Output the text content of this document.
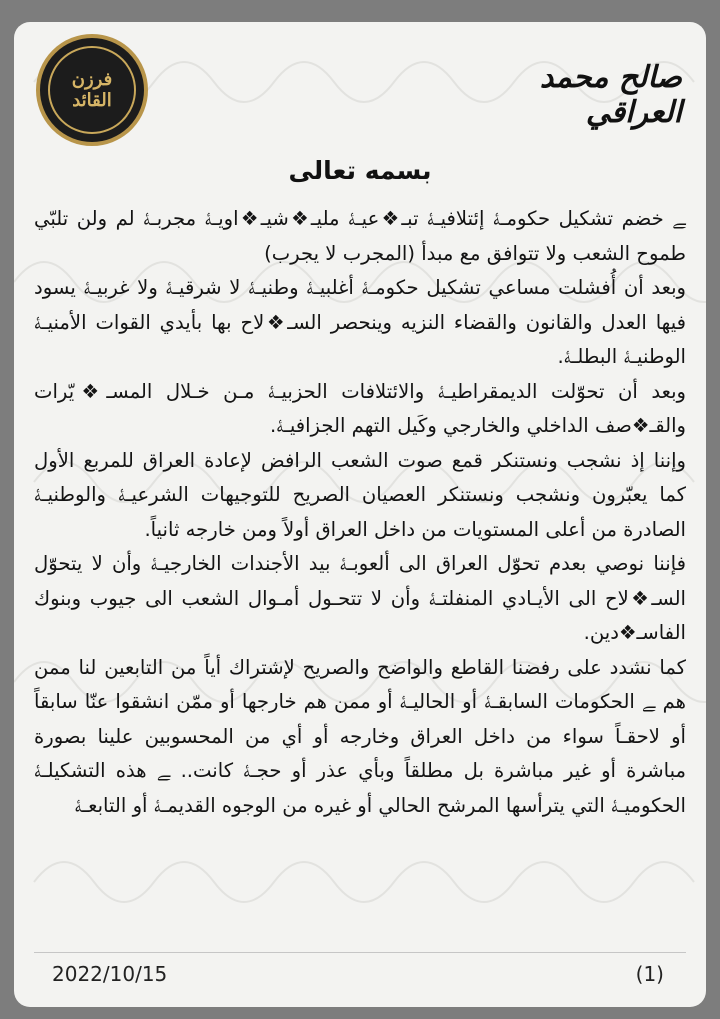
فرزن القائد
صالح محمد العراقي
بسمه تعالى

ﮯ خضم تشكيل حكومـﮥ إئتلافيـﮥ تبـ❖عيـﮥ مليـ❖شيـ❖اويـﮥ مجربـﮥ لم ولن تلبّي طموح الشعب ولا تتوافق مع مبدأ (المجرب لا يجرب)

وبعد أن أُفشلت مساعي تشكيل حكومـﮥ أغلبيـﮥ وطنيـﮥ لا شرقيـﮥ ولا غربيـﮥ يسود فيها العدل والقانون والقضاء النزيه وينحصر السـ❖لاح بها بأيدي القوات الأمنيـﮥ الوطنيـﮥ البطلـﮥ.

وبعد أن تحوّلت الديمقراطيـﮥ والائتلافات الحزبيـﮥ مـن خـلال المسـ❖يّرات والقـ❖صف الداخلي والخارجي وكَيل التهم الجزافيـﮥ.

وإننا إذ نشجب ونستنكر قمع صوت الشعب الرافض لإعادة العراق للمربع الأول كما يعبّرون ونشجب ونستنكر العصيان الصريح للتوجيهات الشرعيـﮥ والوطنيـﮥ الصادرة من أعلى المستويات من داخل العراق أولاً ومن خارجه ثانياً.

فإننا نوصي بعدم تحوّل العراق الى ألعوبـﮥ بيد الأجندات الخارجيـﮥ وأن لا يتحوّل السـ❖لاح الى الأيـادي المنفلتـﮥ وأن لا تتحـول أمـوال الشعب الى جيوب وبنوك الفاسـ❖دين.

كما نشدد على رفضنا القاطع والواضح والصريح لإشتراك أياً من التابعين لنا ممن هم ﮯ الحكومات السابقـﮥ أو الحاليـﮥ أو ممن هم خارجها أو ممّن انشقوا عنّا سابقاً أو لاحقـاً سواء من داخل العراق وخارجه أو أي من المحسوبين علينا بصورة مباشرة أو غير مباشرة بل مطلقاً وبأي عذر أو حجـﮥ كانت.. ﮯ هذه التشكيلـﮥ الحكوميـﮥ التي يترأسها المرشح الحالي أو غيره من الوجوه القديمـﮥ أو التابعـﮥ

2022/10/15	(1)
